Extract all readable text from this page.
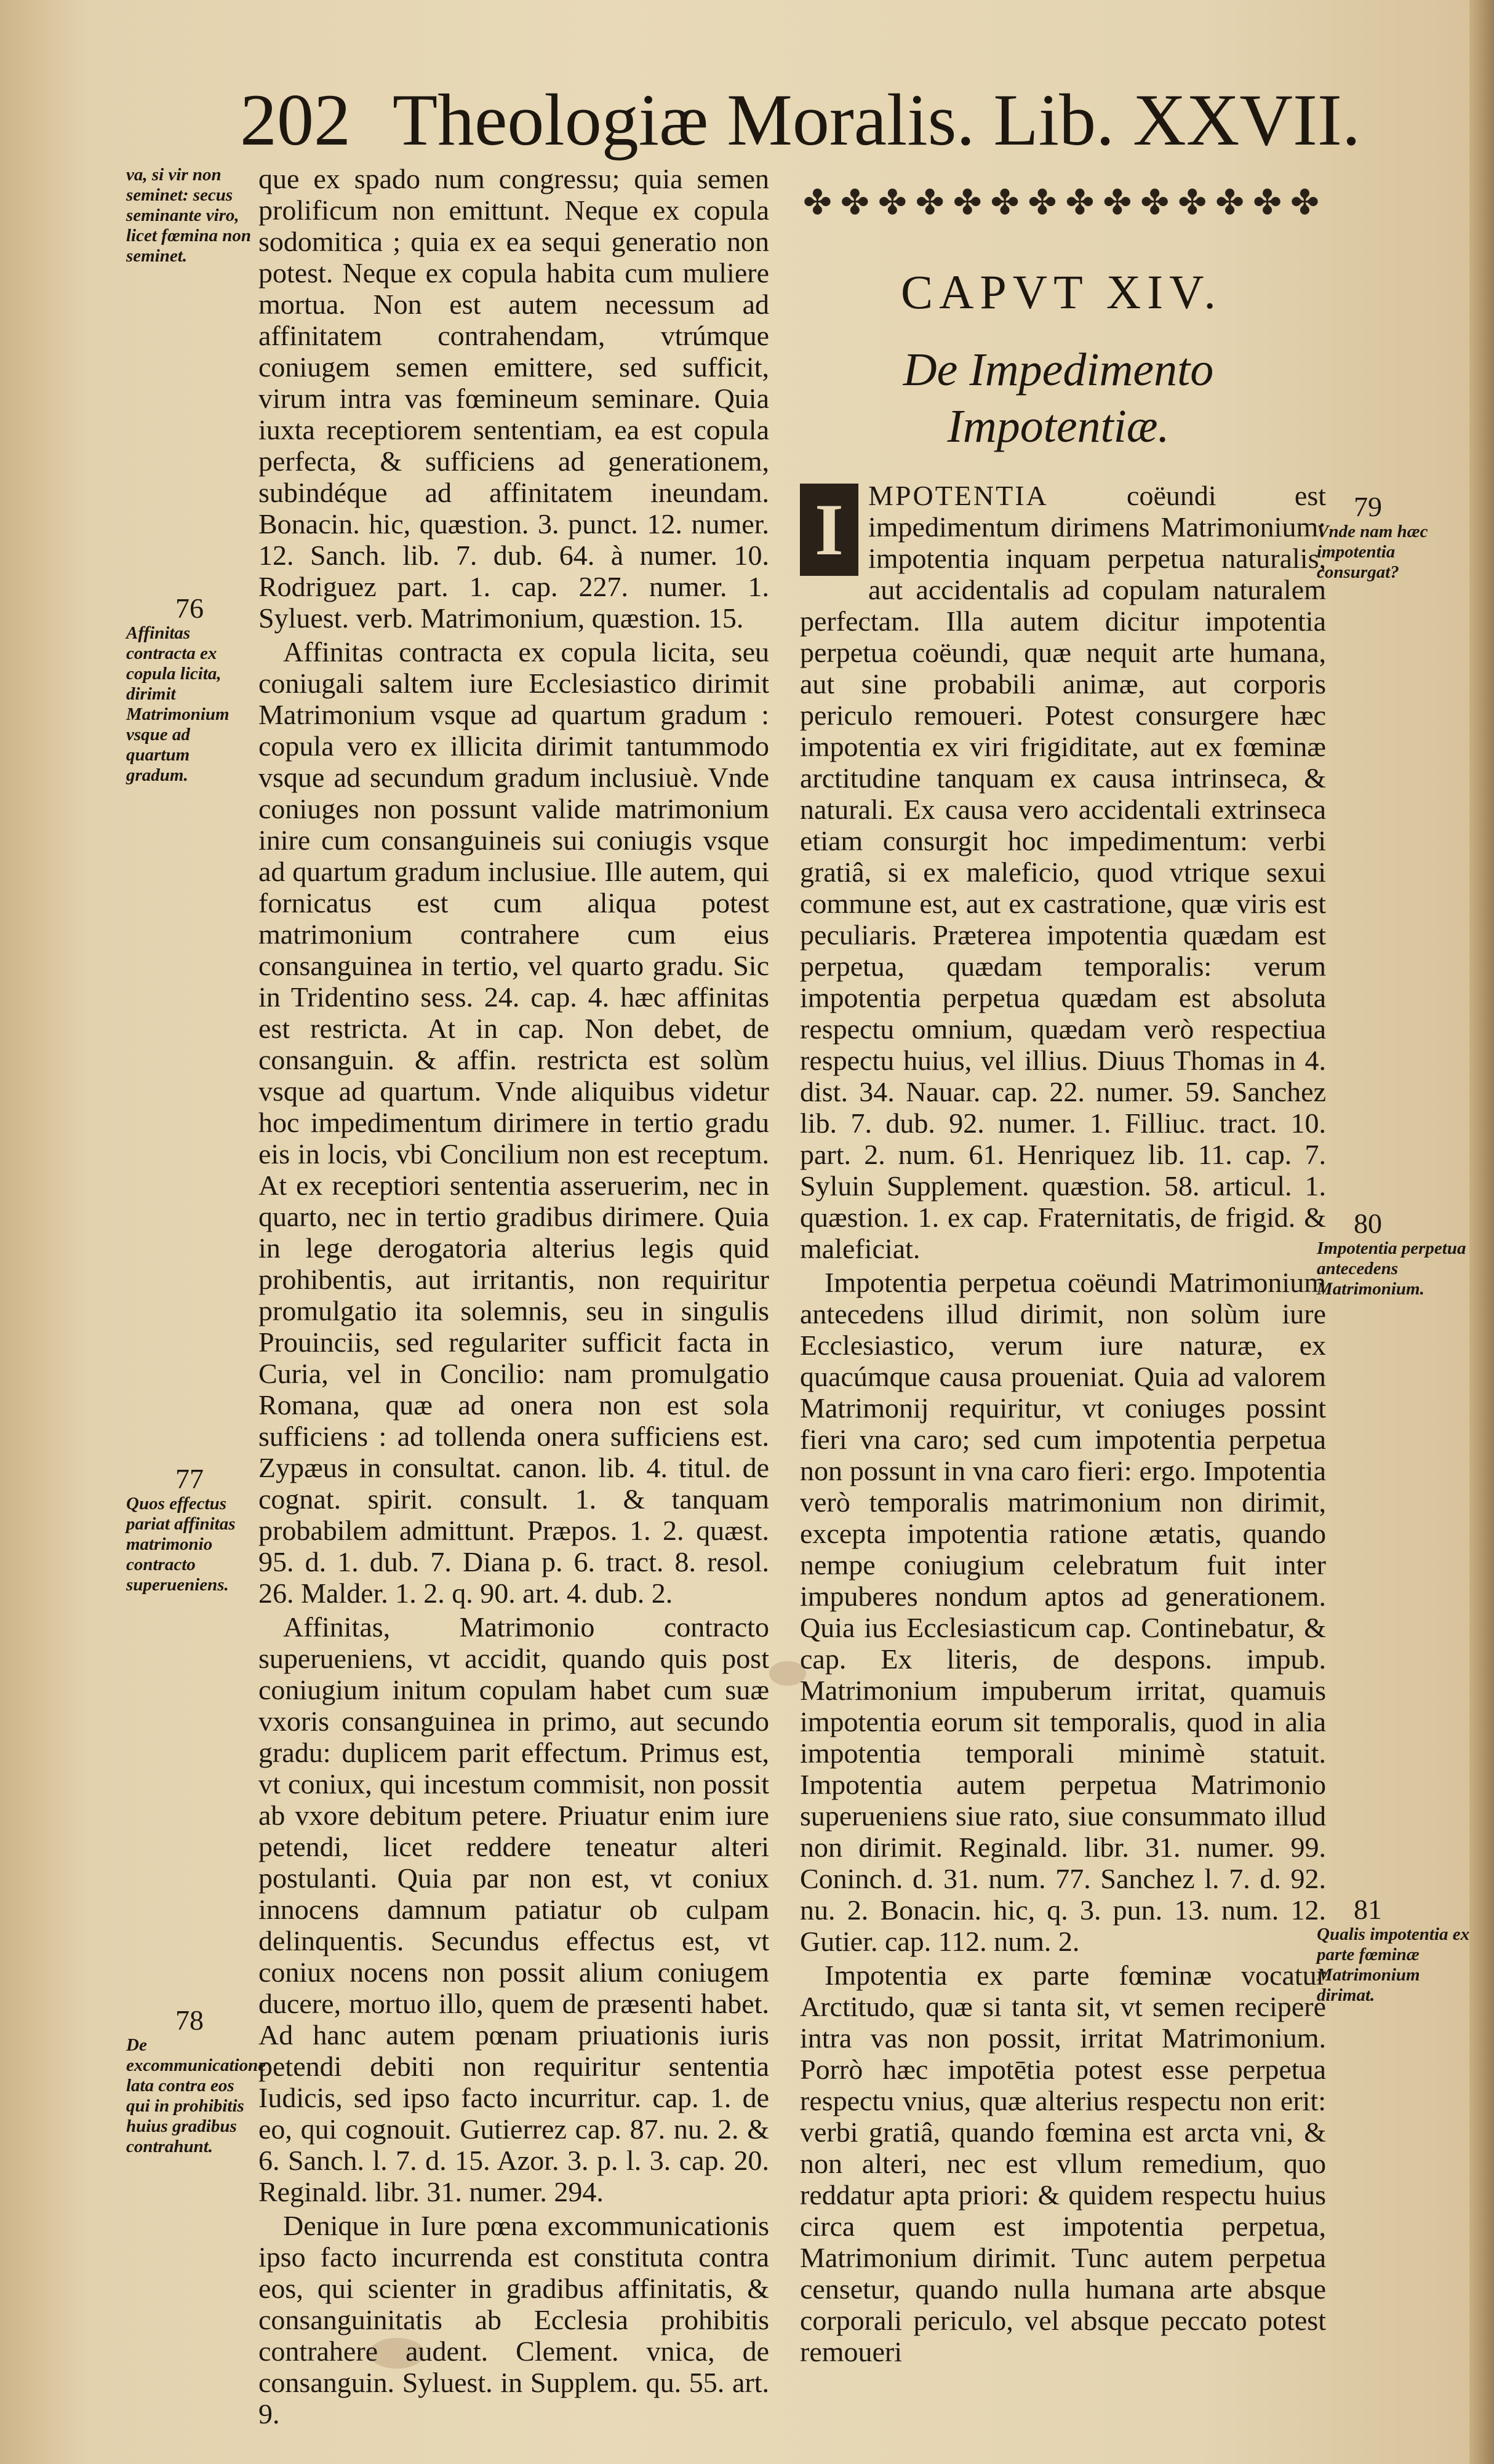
202 Theologiæ Moralis. Lib. XXVII.
va, si vir non seminet: secus seminante viro, licet fœmina non seminet.
76
Affinitas contracta ex copula licita, dirimit Matrimonium vsque ad quartum gradum.
77
Quos effectus pariat affinitas matrimonio contracto superueniens.
78
De excommunicatione lata contra eos qui in prohibitis huius gradibus contrahunt.

que ex spado num congressu; quia semen prolificum non emittunt. Neque ex copula sodomitica ; quia ex ea sequi generatio non potest. Neque ex copula habita cum muliere mortua. Non est autem necessum ad affinitatem contrahendam, vtrúmque coniugem semen emittere, sed sufficit, virum intra vas fœmineum seminare. Quia iuxta receptiorem sententiam, ea est copula perfecta, & sufficiens ad generationem, subindéque ad affinitatem ineundam. Bonacin. hic, quæstion. 3. punct. 12. numer. 12. Sanch. lib. 7. dub. 64. à numer. 10. Rodriguez part. 1. cap. 227. numer. 1. Syluest. verb. Matrimonium, quæstion. 15.

Affinitas contracta ex copula licita, seu coniugali saltem iure Ecclesiastico dirimit Matrimonium vsque ad quartum gradum : copula vero ex illicita dirimit tantummodo vsque ad secundum gradum inclusiuè. Vnde coniuges non possunt valide matrimonium inire cum consanguineis sui coniugis vsque ad quartum gradum inclusiue. Ille autem, qui fornicatus est cum aliqua potest matrimonium contrahere cum eius consanguinea in tertio, vel quarto gradu. Sic in Tridentino sess. 24. cap. 4. hæc affinitas est restricta. At in cap. Non debet, de consanguin. & affin. restricta est solùm vsque ad quartum. Vnde aliquibus videtur hoc impedimentum dirimere in tertio gradu eis in locis, vbi Concilium non est receptum. At ex receptiori sententia asseruerim, nec in quarto, nec in tertio gradibus dirimere. Quia in lege derogatoria alterius legis quid prohibentis, aut irritantis, non requiritur promulgatio ita solemnis, seu in singulis Prouinciis, sed regulariter sufficit facta in Curia, vel in Concilio: nam promulgatio Romana, quæ ad onera non est sola sufficiens : ad tollenda onera sufficiens est. Zypæus in consultat. canon. lib. 4. titul. de cognat. spirit. consult. 1. & tanquam probabilem admittunt. Præpos. 1. 2. quæst. 95. d. 1. dub. 7. Diana p. 6. tract. 8. resol. 26. Malder. 1. 2. q. 90. art. 4. dub. 2.

Affinitas, Matrimonio contracto superueniens, vt accidit, quando quis post coniugium initum copulam habet cum suæ vxoris consanguinea in primo, aut secundo gradu: duplicem parit effectum. Primus est, vt coniux, qui incestum commisit, non possit ab vxore debitum petere. Priuatur enim iure petendi, licet reddere teneatur alteri postulanti. Quia par non est, vt coniux innocens damnum patiatur ob culpam delinquentis. Secundus effectus est, vt coniux nocens non possit alium coniugem ducere, mortuo illo, quem de præsenti habet. Ad hanc autem pœnam priuationis iuris petendi debiti non requiritur sententia Iudicis, sed ipso facto incurritur. cap. 1. de eo, qui cognouit. Gutierrez cap. 87. nu. 2. & 6. Sanch. l. 7. d. 15. Azor. 3. p. l. 3. cap. 20. Reginald. libr. 31. numer. 294.

Denique in Iure pœna excommunicationis ipso facto incurrenda est constituta contra eos, qui scienter in gradibus affinitatis, & consanguinitatis ab Ecclesia prohibitis contrahere audent. Clement. vnica, de consanguin. Syluest. in Supplem. qu. 55. art. 9.

✤✤✤✤✤✤✤✤✤✤✤✤✤✤
CAPVT XIV.
De Impedimento Impotentiæ.
79
Vnde nam hæc impotentia consurgat?
80
Impotentia perpetua antecedens Matrimonium.
81
Qualis impotentia ex parte fœminæ Matrimonium dirimat.

I MPOTENTIA	coëundi est impedimentum dirimens Matrimonium: impotentia inquam perpetua naturalis, aut accidentalis ad copulam naturalem perfectam. Illa autem dicitur impotentia perpetua coëundi, quæ nequit arte humana, aut sine probabili animæ, aut corporis periculo remoueri. Potest consurgere hæc impotentia ex viri frigiditate, aut ex fœminæ arctitudine tanquam ex causa intrinseca, & naturali. Ex causa vero accidentali extrinseca etiam consurgit hoc impedimentum: verbi gratiâ, si ex maleficio, quod vtrique sexui commune est, aut ex castratione, quæ viris est peculiaris. Præterea impotentia quædam est perpetua, quædam temporalis: verum impotentia perpetua quædam est absoluta respectu omnium, quædam verò respectiua respectu huius, vel illius. Diuus Thomas in 4. dist. 34. Nauar. cap. 22. numer. 59. Sanchez lib. 7. dub. 92. numer. 1. Filliuc. tract. 10. part. 2. num. 61. Henriquez lib. 11. cap. 7. Syluin Supplement. quæstion. 58. articul. 1. quæstion. 1. ex cap. Fraternitatis, de frigid. & maleficiat.

Impotentia perpetua coëundi Matrimonium antecedens illud dirimit, non solùm iure Ecclesiastico, verum iure naturæ, ex quacúmque causa proueniat. Quia ad valorem Matrimonij requiritur, vt coniuges possint fieri vna caro; sed cum impotentia perpetua non possunt in vna caro fieri: ergo. Impotentia verò temporalis matrimonium non dirimit, excepta impotentia ratione ætatis, quando nempe coniugium celebratum fuit inter impuberes nondum aptos ad generationem. Quia ius Ecclesiasticum cap. Continebatur, & cap. Ex literis, de despons. impub. Matrimonium impuberum irritat, quamuis impotentia eorum sit temporalis, quod in alia impotentia temporali minimè statuit. Impotentia autem perpetua Matrimonio superueniens siue rato, siue consummato illud non dirimit. Reginald. libr. 31. numer. 99. Coninch. d. 31. num. 77. Sanchez l. 7. d. 92. nu. 2. Bonacin. hic, q. 3. pun. 13. num. 12. Gutier. cap. 112. num. 2.

Impotentia ex parte fœminæ vocatur Arctitudo, quæ si tanta sit, vt semen recipere intra vas non possit, irritat Matrimonium. Porrò hæc impotētia potest esse perpetua respectu vnius, quæ alterius respectu non erit: verbi gratiâ, quando fœmina est arcta vni, & non alteri, nec est vllum remedium, quo reddatur apta priori: & quidem respectu huius circa quem est impotentia perpetua, Matrimonium dirimit. Tunc autem perpetua censetur, quando nulla humana arte absque corporali periculo, vel absque peccato potest remoueri
